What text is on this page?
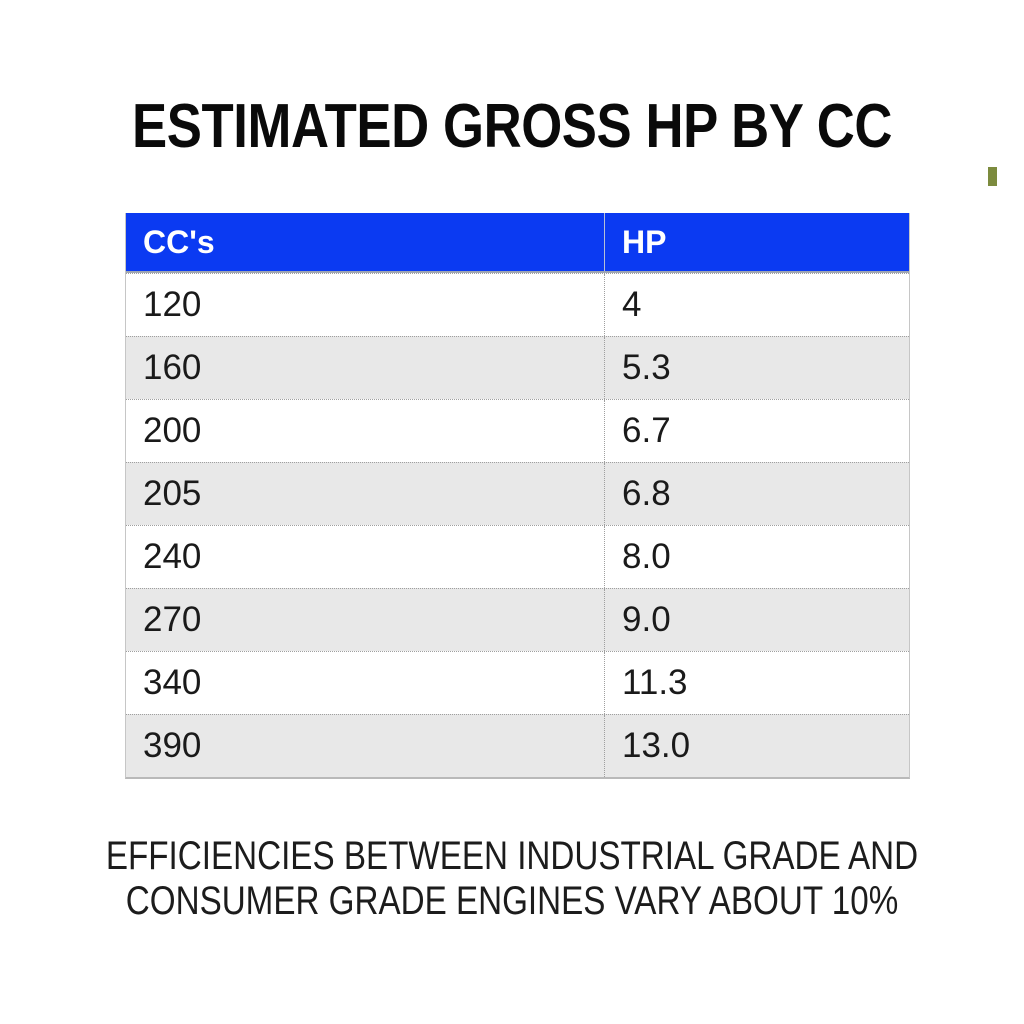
ESTIMATED GROSS HP BY CC
CC's	HP
120	4
160	5.3
200	6.7
205	6.8
240	8.0
270	9.0
340	11.3
390	13.0
EFFICIENCIES BETWEEN INDUSTRIAL GRADE AND
CONSUMER GRADE ENGINES VARY ABOUT 10%
